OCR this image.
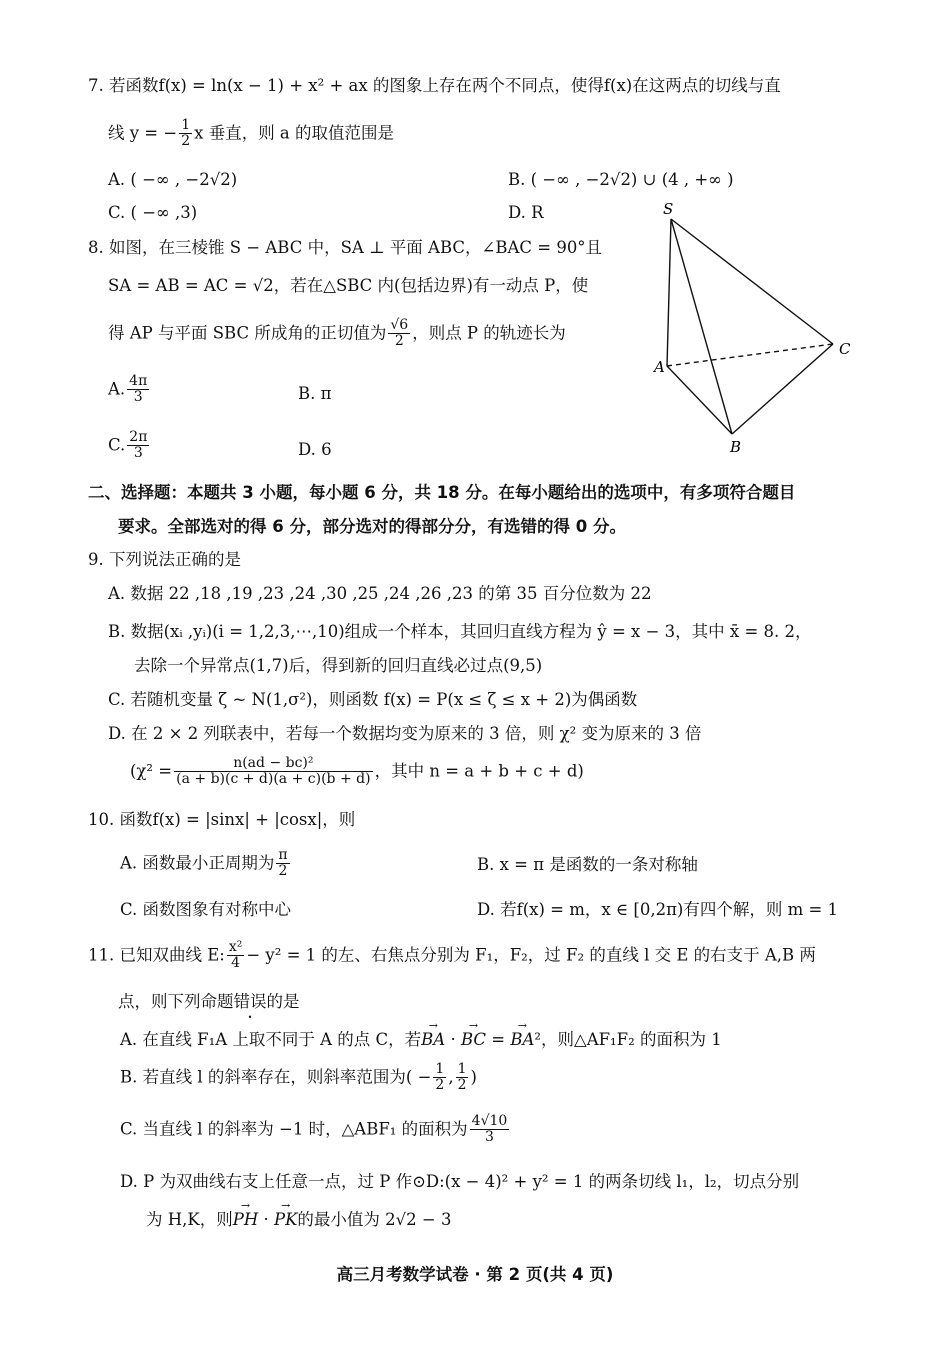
7. 若函数f(x) = ln(x − 1) + x² + ax 的图象上存在两个不同点，使得f(x)在这两点的切线与直
线 y = − $\frac{1}{2}$ x 垂直，则 a 的取值范围是
A. ( −∞ , −2√2)	B. ( −∞ , −2√2) ∪ (4 , +∞ )
C. ( −∞ ,3)	D. R
8. 如图，在三棱锥 S − ABC 中，SA ⊥ 平面 ABC，∠BAC = 90°且
SA = AB = AC = √2，若在△SBC 内(包括边界)有一动点 P，使
得 AP 与平面 SBC 所成角的正切值为 $\frac{√6}{2}$ ，则点 P 的轨迹长为
A. $\frac{4\pi}{3}$	B. π
C. $\frac{2\pi}{3}$	D. 6
S
A
B
C
二、选择题：本题共 3 小题，每小题 6 分，共 18 分。在每小题给出的选项中，有多项符合题目
要求。全部选对的得 6 分，部分选对的得部分分，有选错的得 0 分。
9. 下列说法正确的是
A. 数据 22 ,18 ,19 ,23 ,24 ,30 ,25 ,24 ,26 ,23 的第 35 百分位数为 22
B. 数据(xᵢ ,yᵢ)(i = 1,2,3,⋯,10)组成一个样本，其回归直线方程为 ŷ = x − 3，其中 x̄ = 8. 2，
去除一个异常点(1,7)后，得到新的回归直线必过点(9,5)
C. 若随机变量 ζ ~ N(1,σ²)，则函数 f(x) = P(x ≤ ζ ≤ x + 2)为偶函数
D. 在 2 × 2 列联表中，若每一个数据均变为原来的 3 倍，则 χ² 变为原来的 3 倍
($\chi^2 = \frac{\text{n(ad − bc)²}}{(a + b)(c + d)(a + c)(b + d)}$ ，其中 n = a + b + c + d)
10. 函数f(x) = |sinx| + |cosx|，则
A. 函数最小正周期为 $\frac{\pi}{2}$	B. x = π 是函数的一条对称轴
C. 函数图象有对称中心	D. 若f(x) = m，x ∈ [0,2π)有四个解，则 m = 1
11. 已知双曲线 E: $\frac{\text{x²}}{4} - y^2 = 1$ 的左、右焦点分别为 F₁，F₂，过 F₂ 的直线 l 交 E 的右支于 A,B 两
点，则下列命题错误的是
A. 在直线 F₁A 上取不同于 A 的点 C，若→ BA · → BC = → BA²，则△AF₁F₂ 的面积为 1
B. 若直线 l 的斜率存在，则斜率范围为( − $\frac{1}{2}$ , $\frac{1}{2}$ )
C. 当直线 l 的斜率为 −1 时，△ABF₁ 的面积为 $\frac{4√10}{3}$
D. P 为双曲线右支上任意一点，过 P 作⊙D:(x − 4)² + y² = 1 的两条切线 l₁，l₂，切点分别
为 H,K，则→ PH · → PK的最小值为 2√2 − 3
高三月考数学试卷 · 第 2 页(共 4 页)
